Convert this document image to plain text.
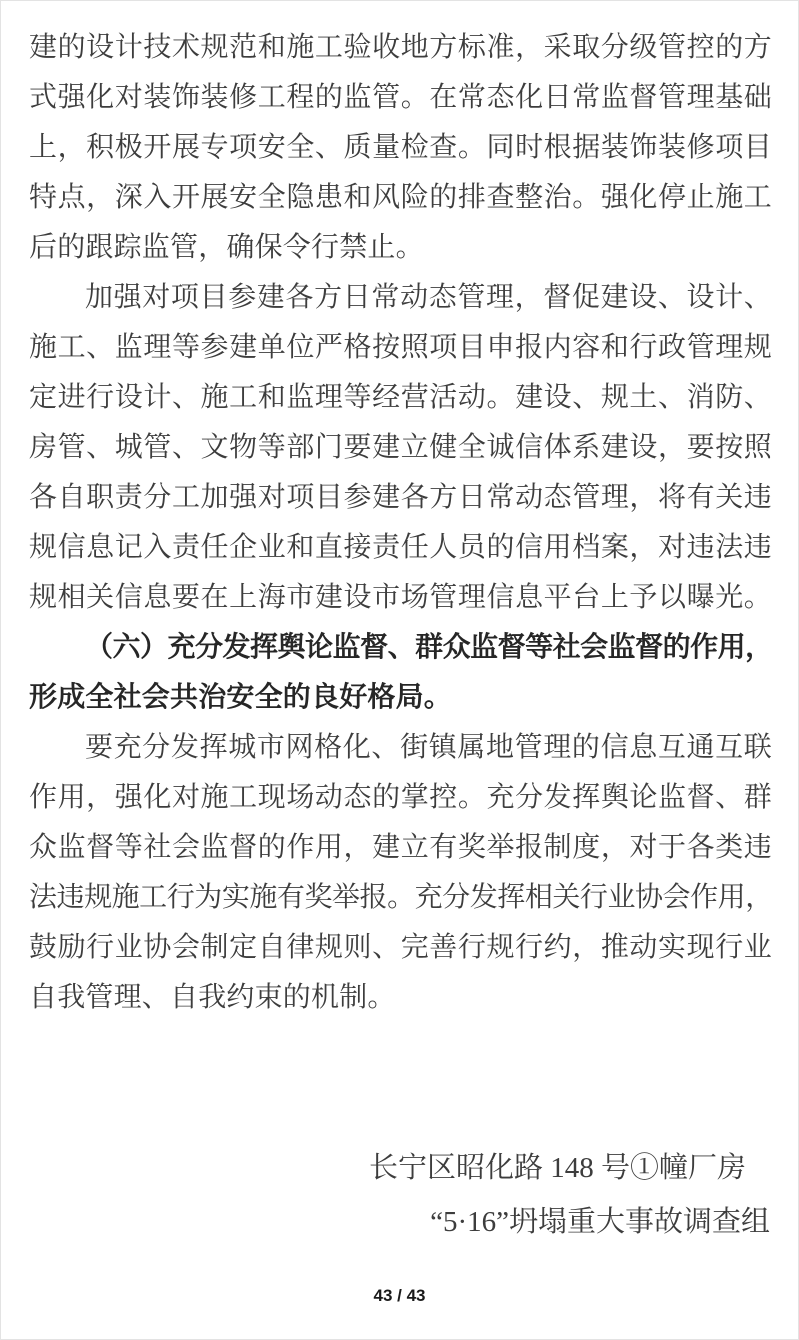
建的设计技术规范和施工验收地方标准，采取分级管控的方
式强化对装饰装修工程的监管。在常态化日常监督管理基础
上，积极开展专项安全、质量检查。同时根据装饰装修项目
特点，深入开展安全隐患和风险的排查整治。强化停止施工
后的跟踪监管，确保令行禁止。
加强对项目参建各方日常动态管理，督促建设、设计、
施工、监理等参建单位严格按照项目申报内容和行政管理规
定进行设计、施工和监理等经营活动。建设、规土、消防、
房管、城管、文物等部门要建立健全诚信体系建设，要按照
各自职责分工加强对项目参建各方日常动态管理，将有关违
规信息记入责任企业和直接责任人员的信用档案，对违法违
规相关信息要在上海市建设市场管理信息平台上予以曝光。
（六）充分发挥舆论监督、群众监督等社会监督的作用，
形成全社会共治安全的良好格局。
要充分发挥城市网格化、街镇属地管理的信息互通互联
作用，强化对施工现场动态的掌控。充分发挥舆论监督、群
众监督等社会监督的作用，建立有奖举报制度，对于各类违
法违规施工行为实施有奖举报。充分发挥相关行业协会作用，
鼓励行业协会制定自律规则、完善行规行约，推动实现行业
自我管理、自我约束的机制。
长宁区昭化路 148 号①幢厂房
“5·16”坍塌重大事故调查组
43 / 43
